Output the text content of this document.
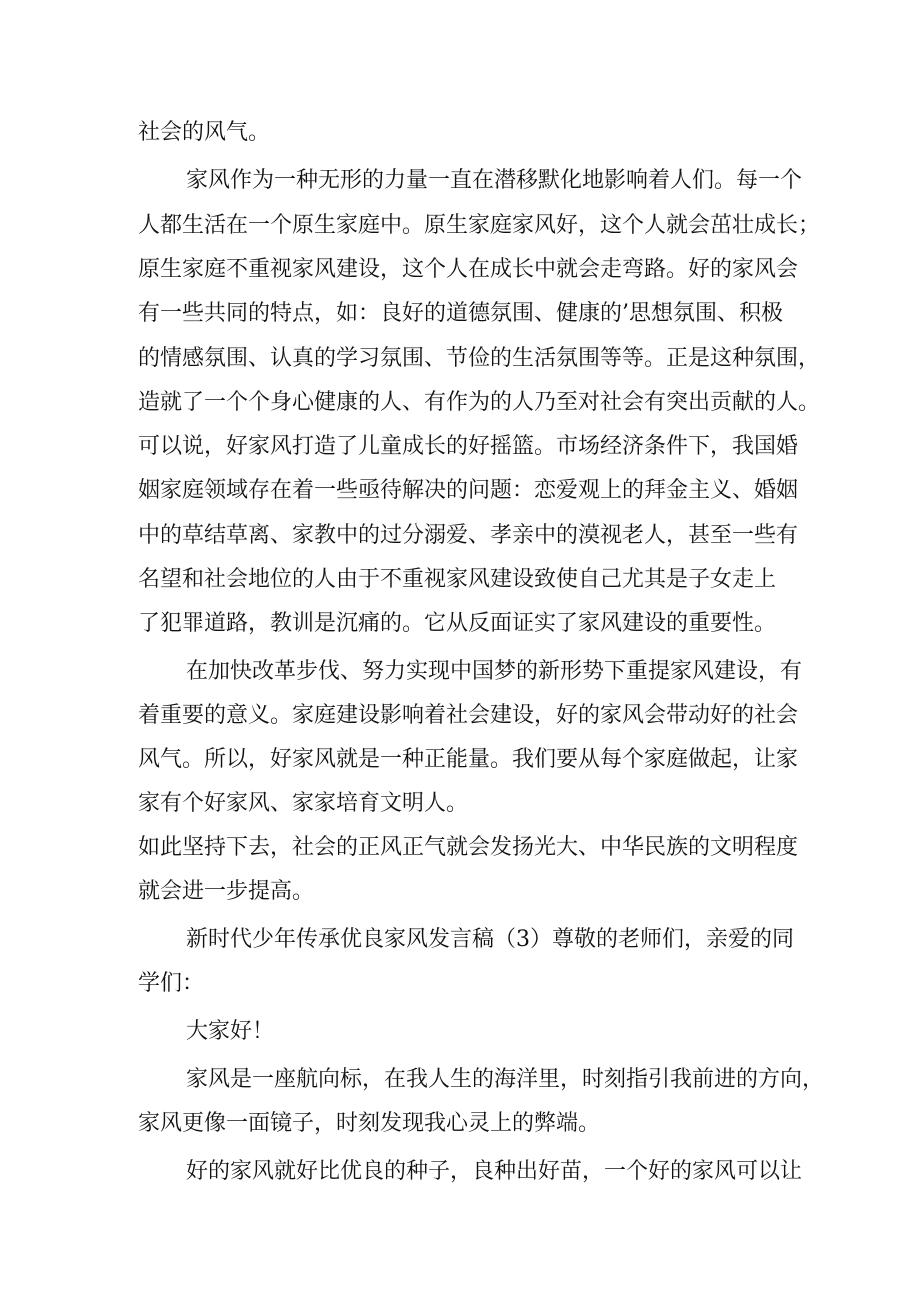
社会的风气。
家风作为一种无形的力量一直在潜移默化地影响着人们。每一个
人都生活在一个原生家庭中。原生家庭家风好，这个人就会茁壮成长；
原生家庭不重视家风建设，这个人在成长中就会走弯路。好的家风会
有一些共同的特点，如：良好的道德氛围、健康的’思想氛围、积极
的情感氛围、认真的学习氛围、节俭的生活氛围等等。正是这种氛围，
造就了一个个身心健康的人、有作为的人乃至对社会有突出贡献的人。
可以说，好家风打造了儿童成长的好摇篮。市场经济条件下，我国婚
姻家庭领域存在着一些亟待解决的问题：恋爱观上的拜金主义、婚姻
中的草结草离、家教中的过分溺爱、孝亲中的漠视老人，甚至一些有
名望和社会地位的人由于不重视家风建设致使自己尤其是子女走上
了犯罪道路，教训是沉痛的。它从反面证实了家风建设的重要性。
在加快改革步伐、努力实现中国梦的新形势下重提家风建设，有
着重要的意义。家庭建设影响着社会建设，好的家风会带动好的社会
风气。所以，好家风就是一种正能量。我们要从每个家庭做起，让家
家有个好家风、家家培育文明人。
如此坚持下去，社会的正风正气就会发扬光大、中华民族的文明程度
就会进一步提高。
新时代少年传承优良家风发言稿（3）尊敬的老师们，亲爱的同
学们：
大家好！
家风是一座航向标，在我人生的海洋里，时刻指引我前进的方向，
家风更像一面镜子，时刻发现我心灵上的弊端。
好的家风就好比优良的种子，良种出好苗，一个好的家风可以让
